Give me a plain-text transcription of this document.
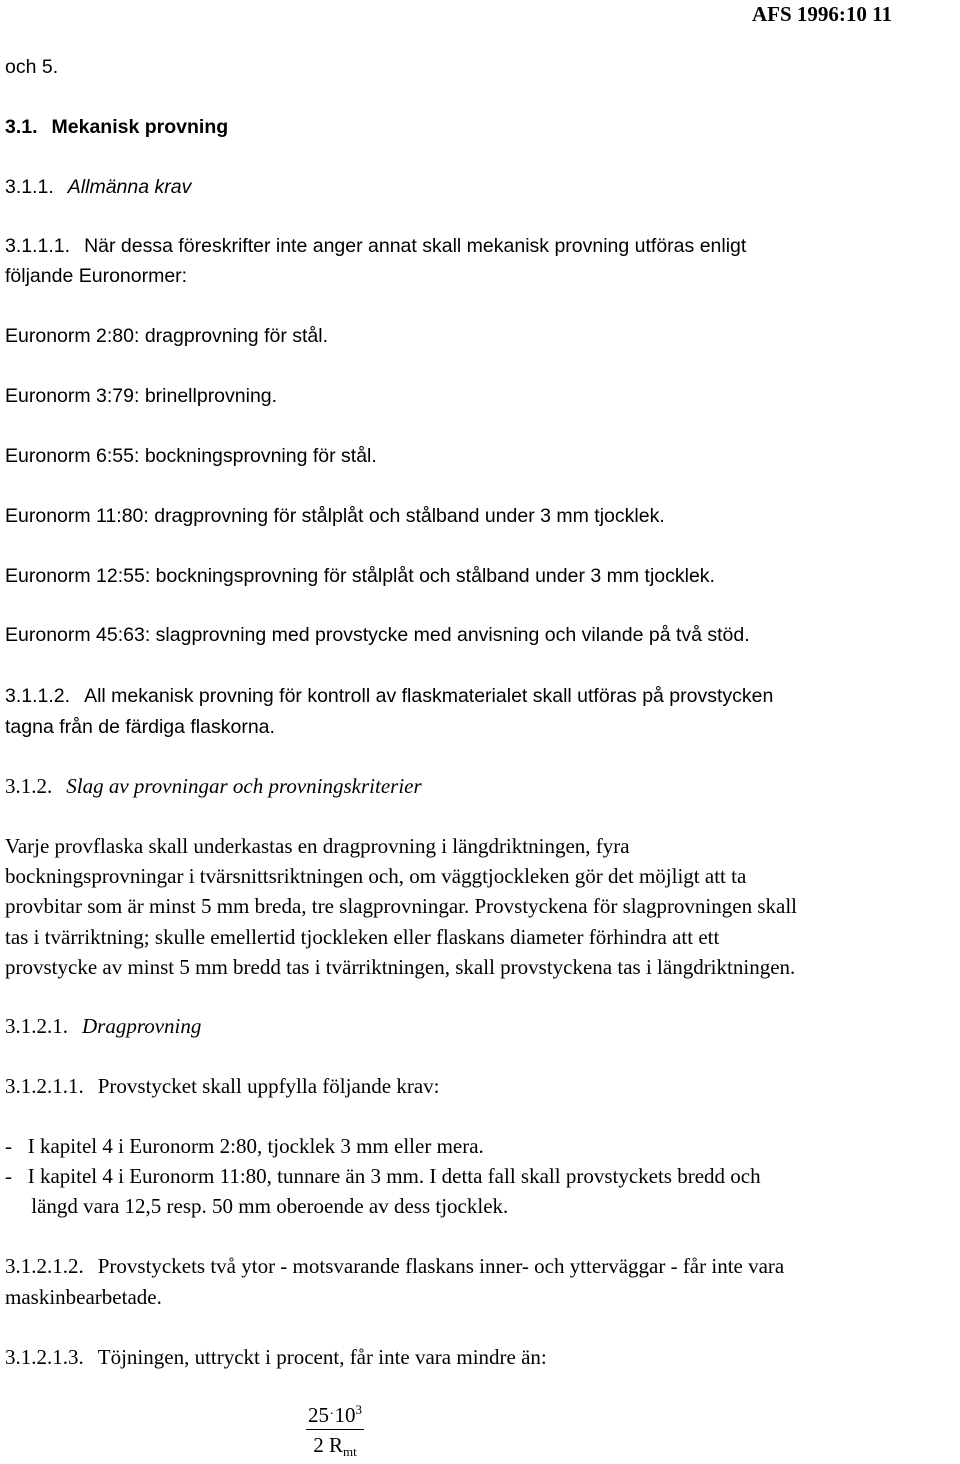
AFS 1996:10 11
och 5.
3.1. Mekanisk provning
3.1.1. Allmänna krav
3.1.1.1. När dessa föreskrifter inte anger annat skall mekanisk provning utföras enligt
följande Euronormer:
Euronorm 2:80: dragprovning för stål.
Euronorm 3:79: brinellprovning.
Euronorm 6:55: bockningsprovning för stål.
Euronorm 11:80: dragprovning för stålplåt och stålband under 3 mm tjocklek.
Euronorm 12:55: bockningsprovning för stålplåt och stålband under 3 mm tjocklek.
Euronorm 45:63: slagprovning med provstycke med anvisning och vilande på två stöd.
3.1.1.2. All mekanisk provning för kontroll av flaskmaterialet skall utföras på provstycken
tagna från de färdiga flaskorna.
3.1.2. Slag av provningar och provningskriterier
Varje provflaska skall underkastas en dragprovning i längdriktningen, fyra
bockningsprovningar i tvärsnittsriktningen och, om väggtjockleken gör det möjligt att ta
provbitar som är minst 5 mm breda, tre slagprovningar. Provstyckena för slagprovningen skall
tas i tvärriktning; skulle emellertid tjockleken eller flaskans diameter förhindra att ett
provstycke av minst 5 mm bredd tas i tvärriktningen, skall provstyckena tas i längdriktningen.
3.1.2.1. Dragprovning
3.1.2.1.1. Provstycket skall uppfylla följande krav:
-   I kapitel 4 i Euronorm 2:80, tjocklek 3 mm eller mera.
-   I kapitel 4 i Euronorm 11:80, tunnare än 3 mm. I detta fall skall provstyckets bredd och
längd vara 12,5 resp. 50 mm oberoende av dess tjocklek.
3.1.2.1.2. Provstyckets två ytor - motsvarande flaskans inner- och ytterväggar - får inte vara
maskinbearbetade.
3.1.2.1.3. Töjningen, uttryckt i procent, får inte vara mindre än:
$25^.10^3$
2 $R_{mt}$
